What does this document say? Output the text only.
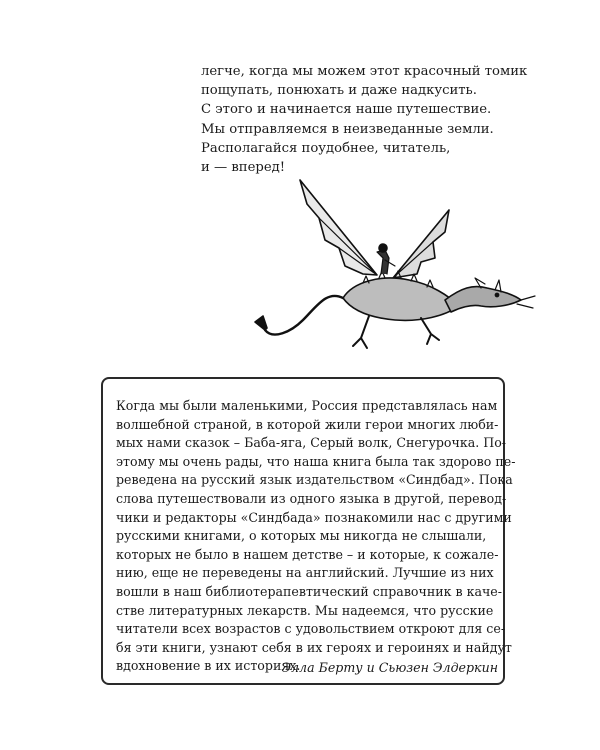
легче, когда мы можем этот красочный томик
пощупать, понюхать и даже надкусить.
С этого и начинается наше путешествие.
Мы отправляемся в неизведанные земли.
Располагайся поудобнее, читатель,
и — вперед!
Когда мы были маленькими, Россия представлялась нам
волшебной страной, в которой жили герои многих люби-
мых нами сказок – Баба-яга, Серый волк, Снегурочка. По-
этому мы очень рады, что наша книга была так здорово пе-
реведена на русский язык издательством «Синдбад». Пока
слова путешествовали из одного языка в другой, перевод-
чики и редакторы «Синдбада» познакомили нас с другими
русскими книгами, о которых мы никогда не слышали,
которых не было в нашем детстве – и которые, к сожале-
нию, еще не переведены на английский. Лучшие из них
вошли в наш библиотерапевтический справочник в каче-
стве литературных лекарств. Мы надеемся, что русские
читатели всех возрастов с удовольствием откроют для се-
бя эти книги, узнают себя в их героях и героинях и найдут
вдохновение в их историях.
Элла Берту и Сьюзен Элдеркин
